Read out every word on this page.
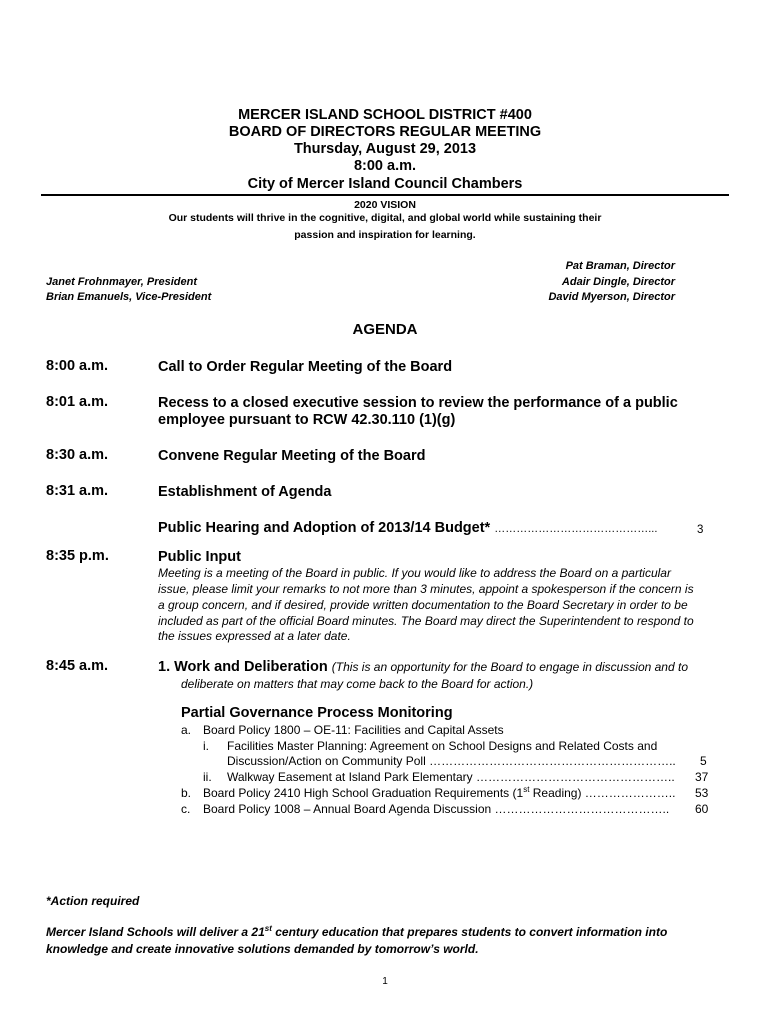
MERCER ISLAND SCHOOL DISTRICT #400
BOARD OF DIRECTORS REGULAR MEETING
Thursday, August 29, 2013
8:00 a.m.
City of Mercer Island Council Chambers
2020 VISION
Our students will thrive in the cognitive, digital, and global world while sustaining their
passion and inspiration for learning.
Janet Frohnmayer, President
Brian Emanuels, Vice-President
Pat Braman, Director
Adair Dingle, Director
David Myerson, Director
AGENDA
8:00 a.m.	Call to Order Regular Meeting of the Board
8:01 a.m.	Recess to a closed executive session to review the performance of a public
employee pursuant to RCW 42.30.110 (1)(g)
8:30 a.m.	Convene Regular Meeting of the Board
8:31 a.m.	Establishment of Agenda
Public Hearing and Adoption of 2013/14 Budget* ……………………………………...	3
8:35 p.m.	Public Input
Meeting is a meeting of the Board in public. If you would like to address the Board on a particular
issue, please limit your remarks to not more than 3 minutes, appoint a spokesperson if the concern is
a group concern, and if desired, provide written documentation to the Board Secretary in order to be
included as part of the official Board minutes. The Board may direct the Superintendent to respond to
the issues expressed at a later date.
8:45 a.m.	1. Work and Deliberation (This is an opportunity for the Board to engage in discussion and to
deliberate on matters that may come back to the Board for action.)
Partial Governance Process Monitoring
a. Board Policy 1800 – OE-11: Facilities and Capital Assets
i. Facilities Master Planning: Agreement on School Designs and Related Costs and
Discussion/Action on Community Poll …………………………………………………….. 5
ii. Walkway Easement at Island Park Elementary ………………………………………….. 37
b. Board Policy 2410 High School Graduation Requirements (1st Reading) ………………….. 53
c. Board Policy 1008 – Annual Board Agenda Discussion …………………………………….. 60
*Action required
Mercer Island Schools will deliver a 21st century education that prepares students to convert information into
knowledge and create innovative solutions demanded by tomorrow’s world.
1
